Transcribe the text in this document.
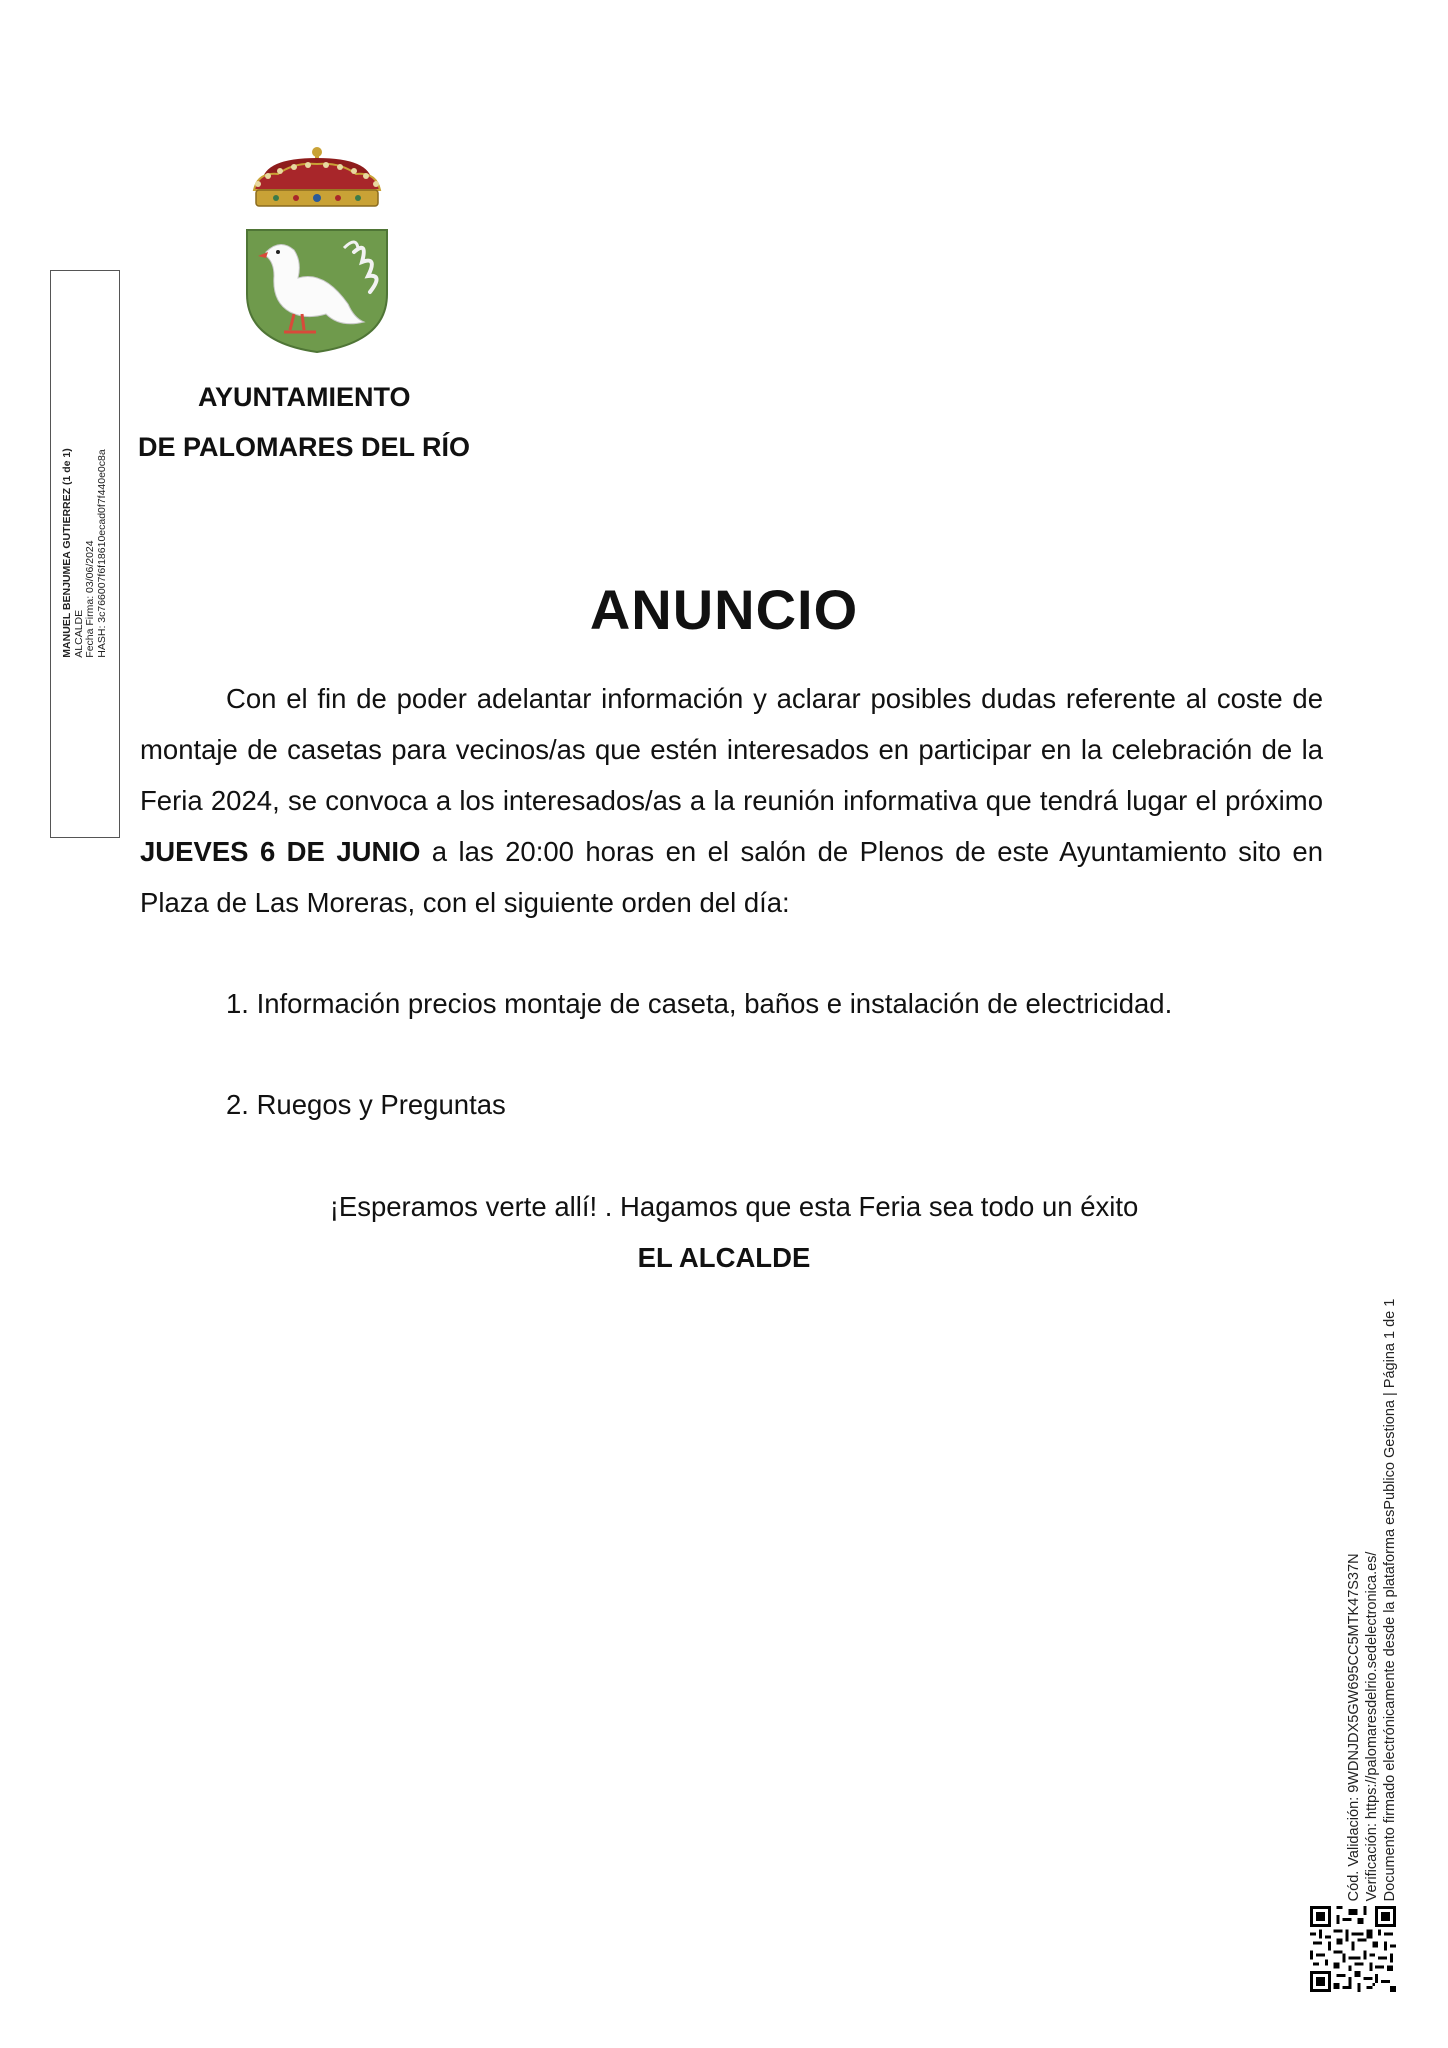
MANUEL BENJUMEA GUTIERREZ (1 de 1) ALCALDE Fecha Firma: 03/06/2024 HASH: 3c766007f6f18610ecad0f7f440e0c8a
AYUNTAMIENTO
DE PALOMARES DEL RÍO
ANUNCIO
Con el fin de poder adelantar información y aclarar posibles dudas referente al coste de montaje de casetas para vecinos/as que estén interesados en participar en la celebración de la Feria 2024, se convoca a los interesados/as a la reunión informativa que tendrá lugar el próximo JUEVES 6 DE JUNIO a las 20:00 horas en el salón de Plenos de este Ayuntamiento sito en Plaza de Las Moreras, con el siguiente orden del día:
1. Información precios montaje de caseta, baños e instalación de electricidad.
2. Ruegos y Preguntas
¡Esperamos verte allí! . Hagamos que esta Feria sea todo un éxito
EL ALCALDE
Cód. Validación: 9WDNJDX5GW695CC5MTK47S37N Verificación: https://palomaresdelrio.sedelectronica.es/ Documento firmado electrónicamente desde la plataforma esPublico Gestiona | Página 1 de 1
